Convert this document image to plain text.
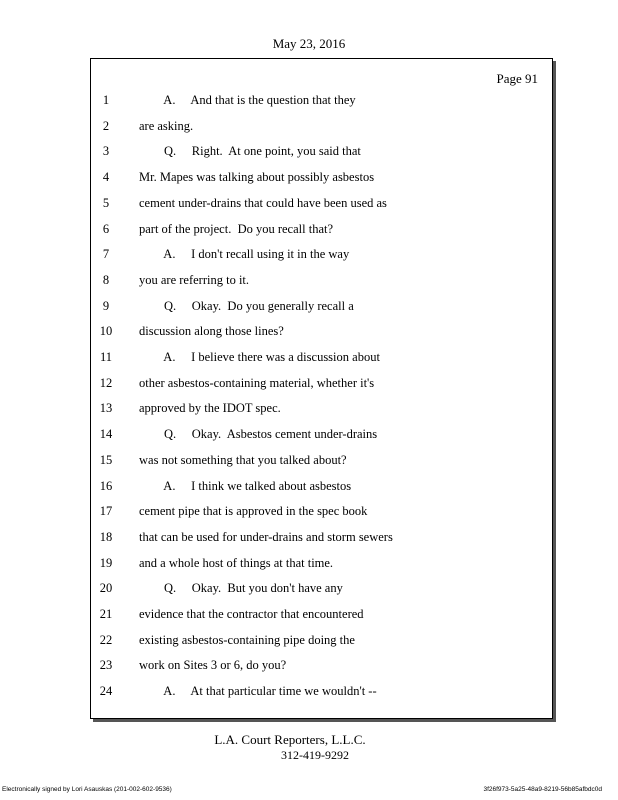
May 23, 2016
Page 91
1	A.     And that is the question that they
2	are asking.
3	Q.     Right.  At one point, you said that
4	Mr. Mapes was talking about possibly asbestos
5	cement under-drains that could have been used as
6	part of the project.  Do you recall that?
7	A.     I don't recall using it in the way
8	you are referring to it.
9	Q.     Okay.  Do you generally recall a
10	discussion along those lines?
11	A.     I believe there was a discussion about
12	other asbestos-containing material, whether it's
13	approved by the IDOT spec.
14	Q.     Okay.  Asbestos cement under-drains
15	was not something that you talked about?
16	A.     I think we talked about asbestos
17	cement pipe that is approved in the spec book
18	that can be used for under-drains and storm sewers
19	and a whole host of things at that time.
20	Q.     Okay.  But you don't have any
21	evidence that the contractor that encountered
22	existing asbestos-containing pipe doing the
23	work on Sites 3 or 6, do you?
24	A.     At that particular time we wouldn't --
L.A. Court Reporters, L.L.C.
312-419-9292
Electronically signed by Lori Asauskas (201-002-602-9536)	3f26f973-5a25-48a9-8219-56b85afbdc0d
